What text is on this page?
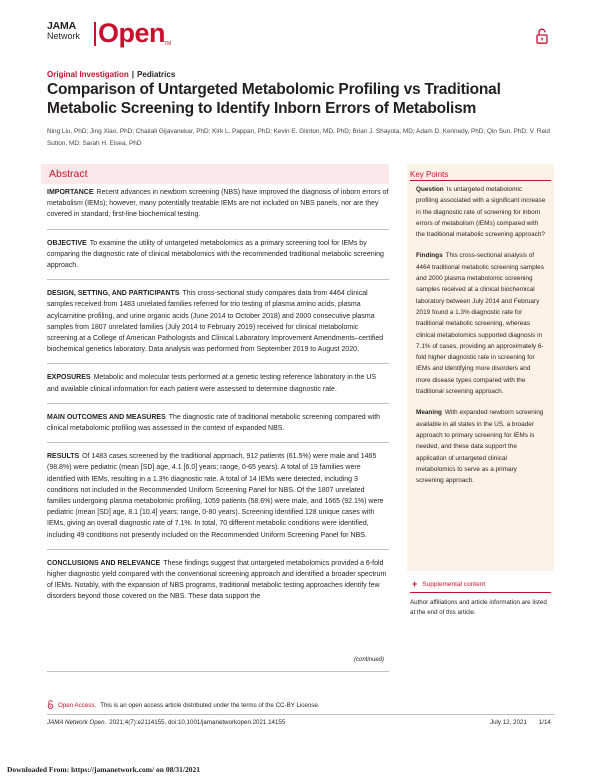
JAMA
Network Open
TM
Original Investigation | Pediatrics
Comparison of Untargeted Metabolomic Profiling vs Traditional Metabolic Screening to Identify Inborn Errors of Metabolism
Ning Liu, PhD; Jing Xiao, PhD; Chaitali Gijavanekar, PhD; Kirk L. Pappan, PhD; Kevin E. Glinton, MD, PhD; Brian J. Shayota, MD; Adam D. Kennedy, PhD; Qin Sun, PhD; V. Reid Sutton, MD; Sarah H. Elsea, PhD
Abstract
IMPORTANCE Recent advances in newborn screening (NBS) have improved the diagnosis of inborn errors of metabolism (IEMs); however, many potentially treatable IEMs are not included on NBS panels, nor are they covered in standard, first-line biochemical testing.
OBJECTIVE To examine the utility of untargeted metabolomics as a primary screening tool for IEMs by comparing the diagnostic rate of clinical metabolomics with the recommended traditional metabolic screening approach.
DESIGN, SETTING, AND PARTICIPANTS This cross-sectional study compares data from 4464 clinical samples received from 1483 unrelated families referred for trio testing of plasma amino acids, plasma acylcarnitine profiling, and urine organic acids (June 2014 to October 2018) and 2000 consecutive plasma samples from 1807 unrelated families (July 2014 to February 2019) received for clinical metabolomic screening at a College of American Pathologists and Clinical Laboratory Improvement Amendments–certified biochemical genetics laboratory. Data analysis was performed from September 2019 to August 2020.
EXPOSURES Metabolic and molecular tests performed at a genetic testing reference laboratory in the US and available clinical information for each patient were assessed to determine diagnostic rate.
MAIN OUTCOMES AND MEASURES The diagnostic rate of traditional metabolic screening compared with clinical metabolomic profiling was assessed in the context of expanded NBS.
RESULTS Of 1483 cases screened by the traditional approach, 912 patients (61.5%) were male and 1465 (98.8%) were pediatric (mean [SD] age, 4.1 [6.0] years; range, 0-65 years). A total of 19 families were identified with IEMs, resulting in a 1.3% diagnostic rate. A total of 14 IEMs were detected, including 3 conditions not included in the Recommended Uniform Screening Panel for NBS. Of the 1807 unrelated families undergoing plasma metabolomic profiling, 1059 patients (58.6%) were male, and 1665 (92.1%) were pediatric (mean [SD] age, 8.1 [10.4] years; range, 0-80 years). Screening identified 128 unique cases with IEMs, giving an overall diagnostic rate of 7.1%. In total, 70 different metabolic conditions were identified, including 49 conditions not presently included on the Recommended Uniform Screening Panel for NBS.
CONCLUSIONS AND RELEVANCE These findings suggest that untargeted metabolomics provided a 6-fold higher diagnostic yield compared with the conventional screening approach and identified a broader spectrum of IEMs. Notably, with the expansion of NBS programs, traditional metabolic testing approaches identify few disorders beyond those covered on the NBS. These data support the
(continued)
Key Points

Question Is untargeted metabolomic profiling associated with a significant increase in the diagnostic rate of screening for inborn errors of metabolism (IEMs) compared with the traditional metabolic screening approach?

Findings This cross-sectional analysis of 4464 traditional metabolic screening samples and 2000 plasma metabolomic screening samples received at a clinical biochemical laboratory between July 2014 and February 2019 found a 1.3% diagnostic rate for traditional metabolic screening, whereas clinical metabolomics supported diagnosis in 7.1% of cases, providing an approximately 6-fold higher diagnostic rate in screening for IEMs and identifying more disorders and more disease types compared with the traditional screening approach.

Meaning With expanded newborn screening available in all states in the US, a broader approach to primary screening for IEMs is needed, and these data support the application of untargeted clinical metabolomics to serve as a primary screening approach.

+ Supplemental content
Author affiliations and article information are listed at the end of this article.
Open Access. This is an open access article distributed under the terms of the CC-BY License.
JAMA Network Open. 2021;4(7):e2114155. doi:10.1001/jamanetworkopen.2021.14155	July 12, 2021 1/14
Downloaded From: https://jamanetwork.com/ on 08/31/2021
